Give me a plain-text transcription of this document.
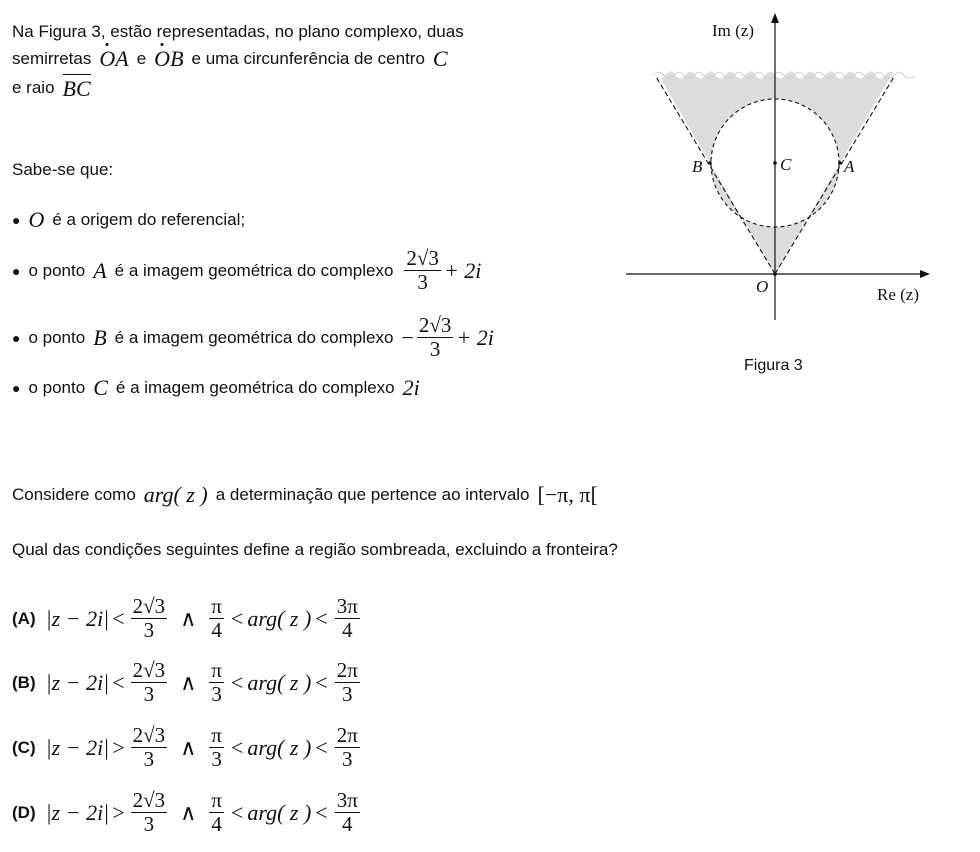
Na Figura 3, estão representadas, no plano complexo, duas
semirretas OA e OB e uma circunferência de centro C
e raio BC
Sabe-se que:
● O é a origem do referencial;
● o ponto A é a imagem geométrica do complexo $\frac{2√3}{3} + 2i$
● o ponto B é a imagem geométrica do complexo − $\frac{2√3}{3} + 2i$
● o ponto C é a imagem geométrica do complexo 2i
Considere como arg( z ) a determinação que pertence ao intervalo [−π, π[
Qual das condições seguintes define a região sombreada, excluindo a fronteira?
(A) $|z - 2i| < \frac{2√3}{3}$ ∧ $\frac{\pi}{4} < arg$( z ) < $\frac{3\pi}{4}$
(B) $|z - 2i| < \frac{2√3}{3}$ ∧ $\frac{\pi}{3} < arg$( z ) < $\frac{2\pi}{3}$
(C) $|z - 2i| > \frac{2√3}{3}$ ∧ $\frac{\pi}{3} < arg$( z ) < $\frac{2\pi}{3}$
(D) $|z - 2i| > \frac{2√3}{3}$ ∧ $\frac{\pi}{4} < arg$( z ) < $\frac{3\pi}{4}$
Im (z)
Re (z)
O
A
B	C
Figura 3
